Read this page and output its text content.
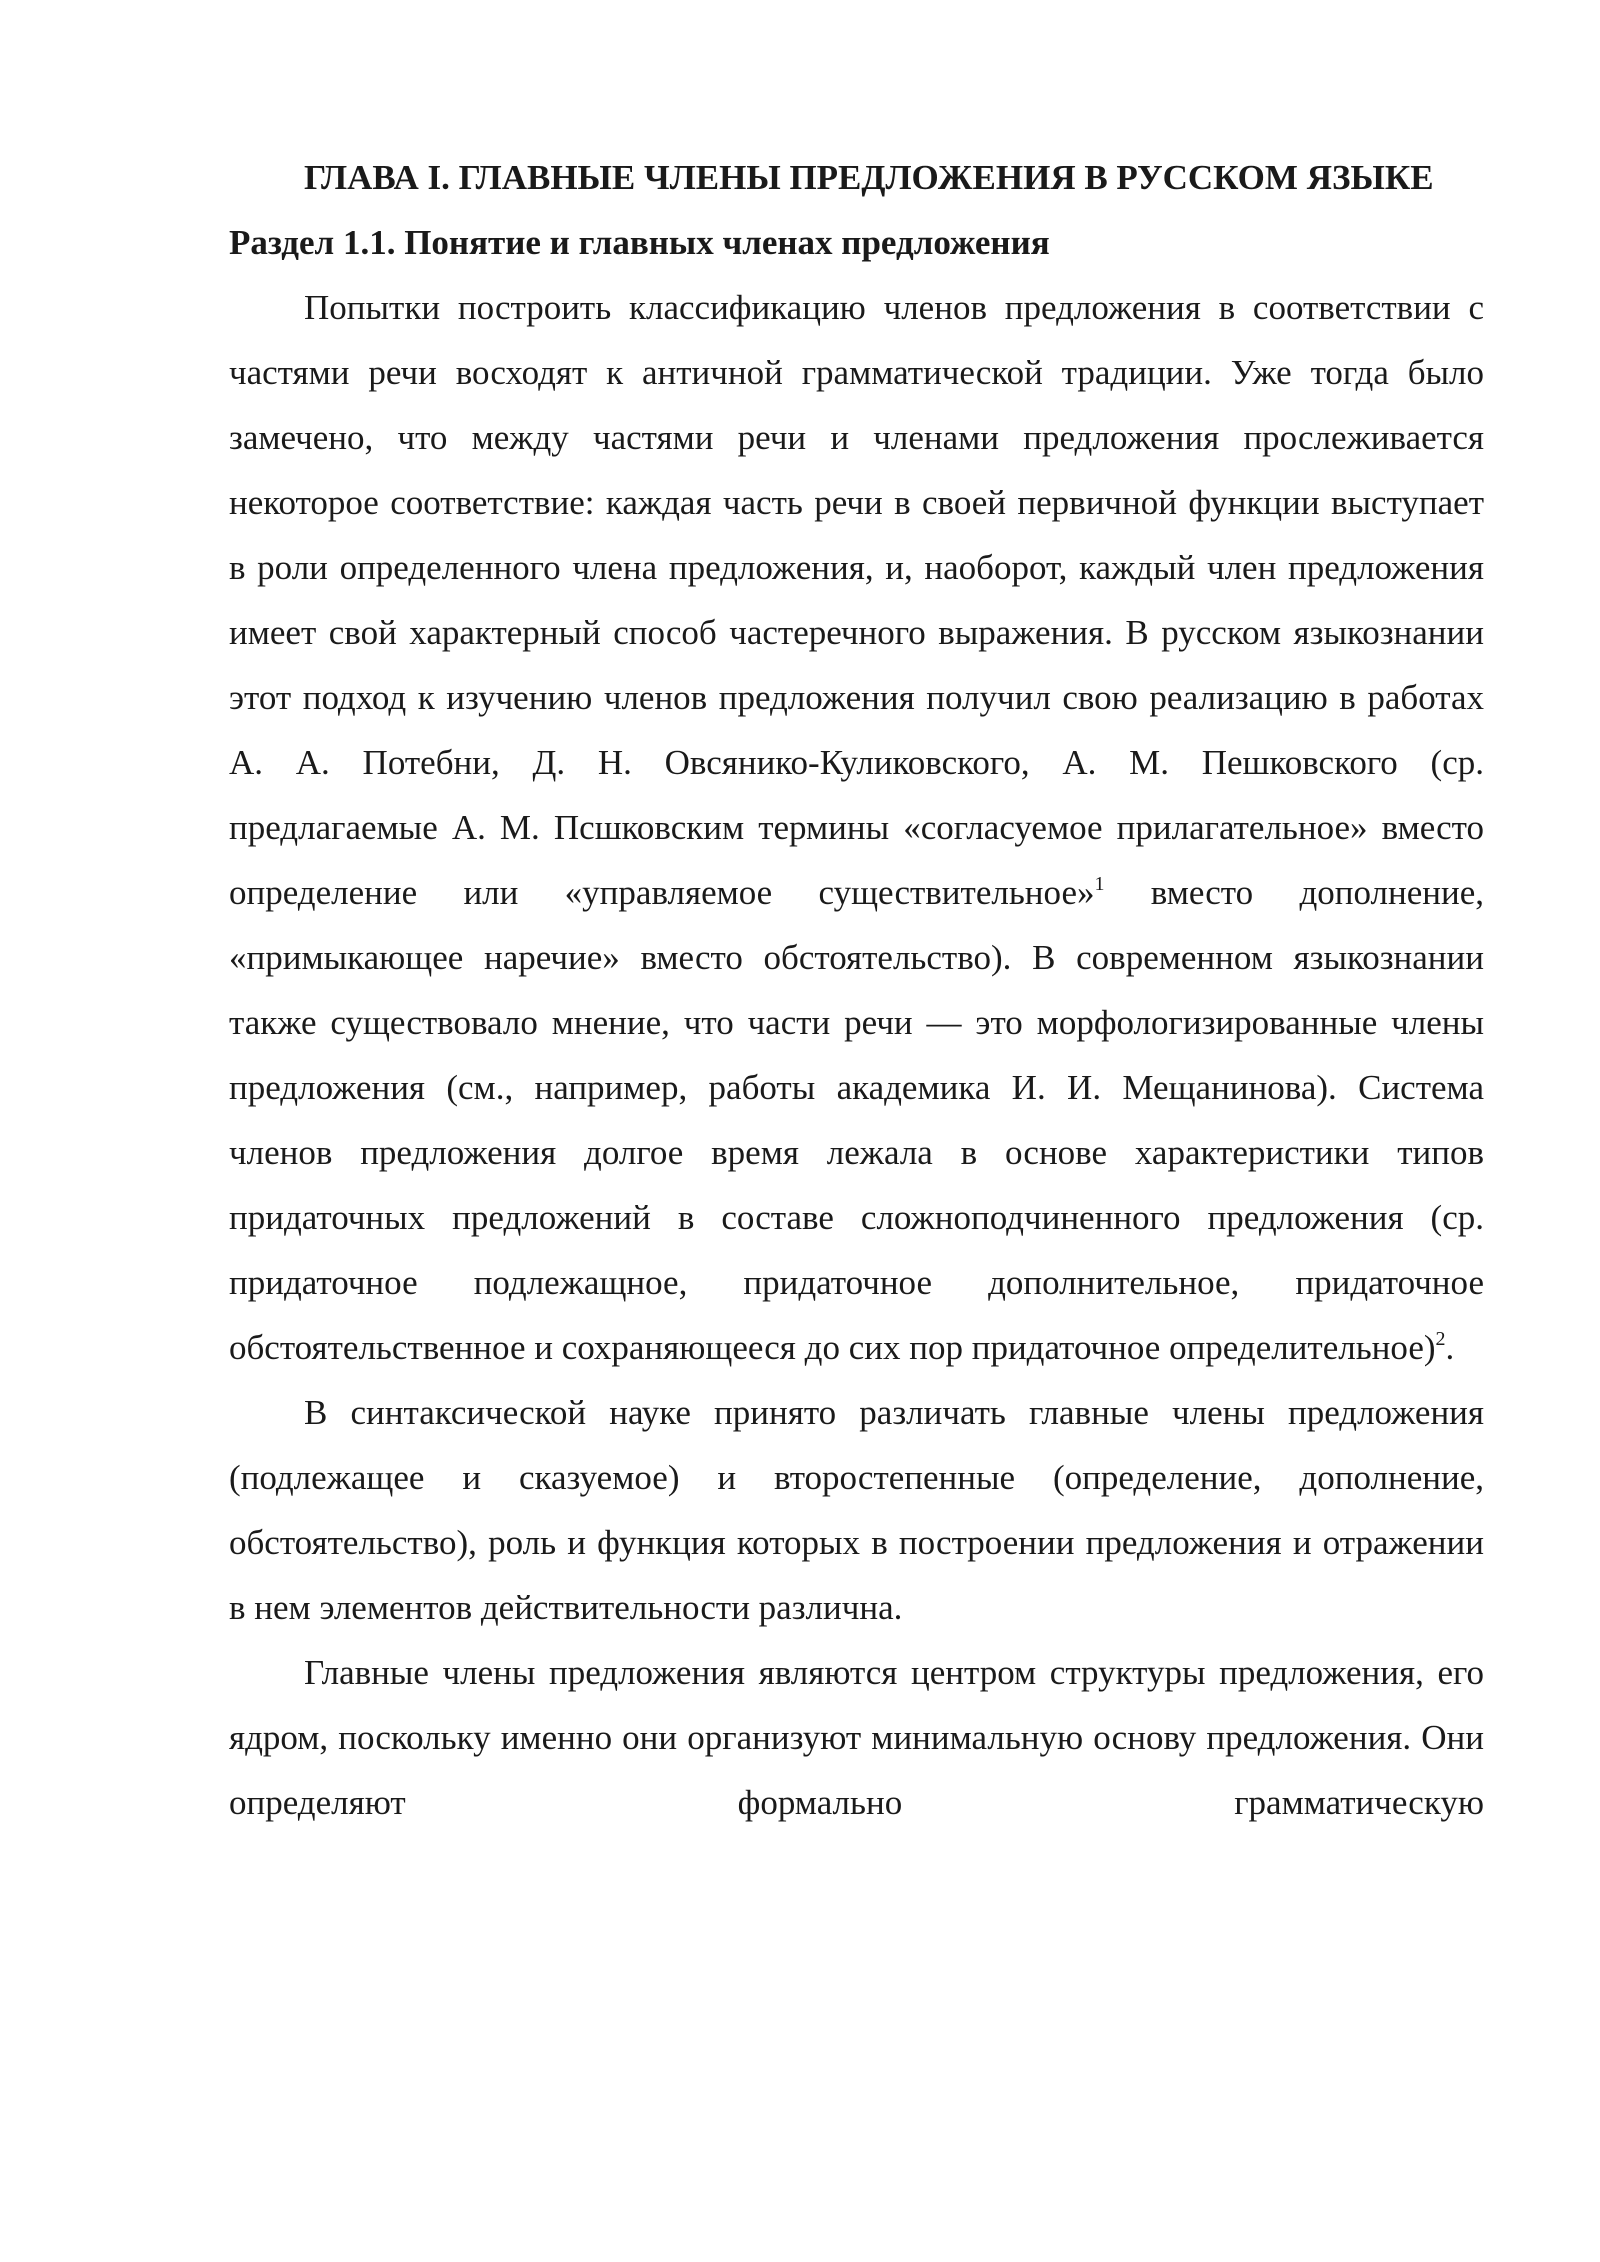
ГЛАВА I. ГЛАВНЫЕ ЧЛЕНЫ ПРЕДЛОЖЕНИЯ В РУССКОМ ЯЗЫКЕ
Раздел 1.1. Понятие и главных членах предложения

Попытки построить классификацию членов предложения в соответствии с частями речи восходят к античной грамматической традиции. Уже тогда было замечено, что между частями речи и членами предложения прослеживается некоторое соответствие: каждая часть речи в своей первичной функции выступает в роли определенного члена предложения, и, наоборот, каждый член предложения имеет свой характерный способ частеречного выражения. В русском языкознании этот подход к изучению членов предложения получил свою реализацию в работах А. А. Потебни, Д. Н. Овсянико-Куликовского, А. М. Пешковского (ср. предлагаемые А. М. Псшковским термины «согласуемое прилагательное» вместо определение или «управляемое существительное»$^1$ вместо дополнение, «примыкающее наречие» вместо обстоятельство). В современном языкознании также существовало мнение, что части речи — это морфологизированные члены предложения (см., например, работы академика И. И. Мещанинова). Система членов предложения долгое время лежала в основе характеристики типов придаточных предложений в составе сложноподчиненного предложения (ср. придаточное подлежащное, придаточное дополнительное, придаточное обстоятельственное и сохраняющееся до сих пор придаточное определительное)$^2$.

В синтаксической науке принято различать главные члены предложения (подлежащее и сказуемое) и второстепенные (определение, дополнение, обстоятельство), роль и функция которых в построении предложения и отражении в нем элементов действительности различна.

Главные члены предложения являются центром структуры предложения, его ядром, поскольку именно они организуют минимальную основу предложения. Они определяют формально грамматическую
